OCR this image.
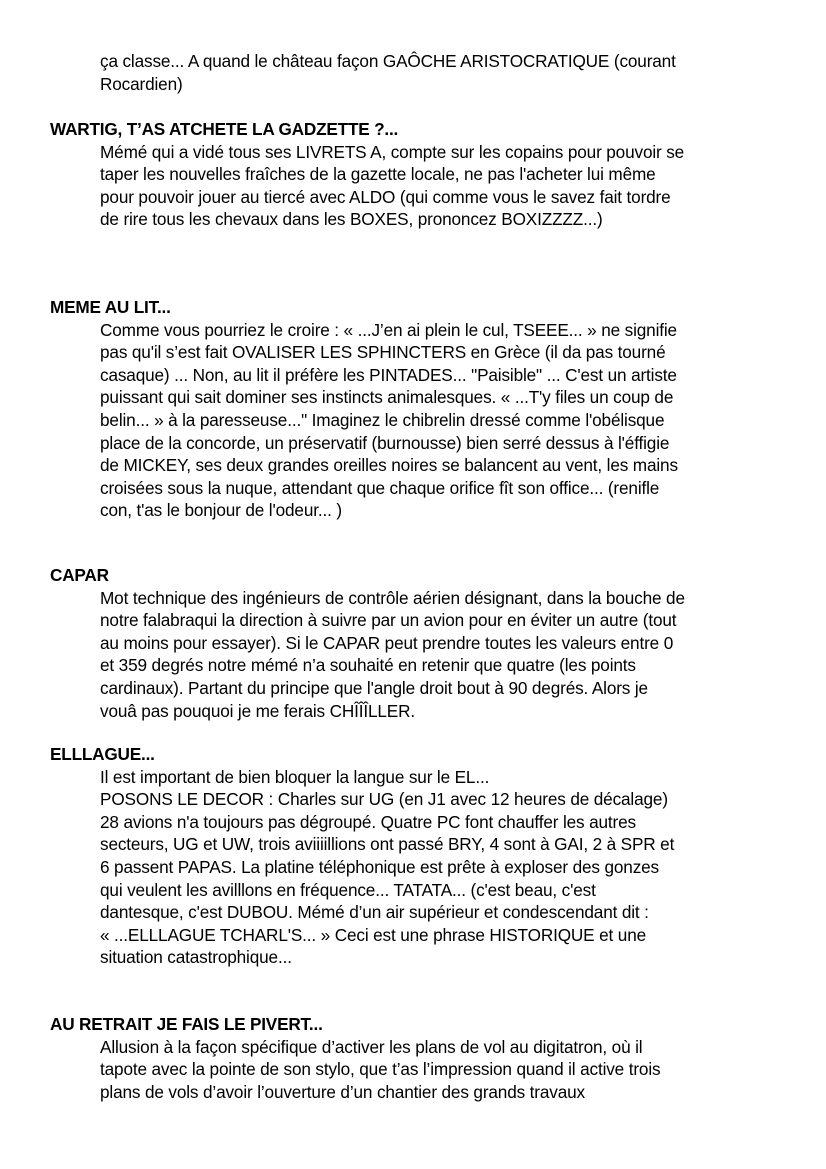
ça classe... A quand le château façon GAÔCHE ARISTOCRATIQUE (courant
Rocardien)

WARTIG, T’AS ATCHETE LA GADZETTE ?...

Mémé qui a vidé tous ses LIVRETS A, compte sur les copains pour pouvoir se
taper les nouvelles fraîches de la gazette locale, ne pas l'acheter lui même
pour pouvoir jouer au tiercé avec ALDO (qui comme vous le savez fait tordre
de rire tous les chevaux dans les BOXES, prononcez BOXIZZZZ...)

MEME AU LIT...

Comme vous pourriez le croire : « ...J’en ai plein le cul, TSEEE... » ne signifie
pas qu'il s’est fait OVALISER LES SPHINCTERS en Grèce (il da pas tourné
casaque) ... Non, au lit il préfère les PINTADES... "Paisible" ... C'est un artiste
puissant qui sait dominer ses instincts animalesques. « ...T'y files un coup de
belin... » à la paresseuse..." Imaginez le chibrelin dressé comme l'obélisque
place de la concorde, un préservatif (burnousse) bien serré dessus à l'éffigie
de MICKEY, ses deux grandes oreilles noires se balancent au vent, les mains
croisées sous la nuque, attendant que chaque orifice fît son office... (renifle
con, t'as le bonjour de l'odeur... )

CAPAR

Mot technique des ingénieurs de contrôle aérien désignant, dans la bouche de
notre falabraqui la direction à suivre par un avion pour en éviter un autre (tout
au moins pour essayer). Si le CAPAR peut prendre toutes les valeurs entre 0
et 359 degrés notre mémé n’a souhaité en retenir que quatre (les points
cardinaux). Partant du principe que l'angle droit bout à 90 degrés. Alors je
vouâ pas pouquoi je me ferais CHÎÎÎLLER.

ELLLAGUE...

Il est important de bien bloquer la langue sur le EL...
POSONS LE DECOR : Charles sur UG (en J1 avec 12 heures de décalage)
28 avions n'a toujours pas dégroupé. Quatre PC font chauffer les autres
secteurs, UG et UW, trois aviiiillions ont passé BRY, 4 sont à GAI, 2 à SPR et
6 passent PAPAS. La platine téléphonique est prête à exploser des gonzes
qui veulent les avilllons en fréquence... TATATA... (c'est beau, c'est
dantesque, c'est DUBOU. Mémé d’un air supérieur et condescendant dit :
« ...ELLLAGUE TCHARL'S... » Ceci est une phrase HISTORIQUE et une
situation catastrophique...

AU RETRAIT JE FAIS LE PIVERT...

Allusion à la façon spécifique d’activer les plans de vol au digitatron, où il
tapote avec la pointe de son stylo, que t’as l’impression quand il active trois
plans de vols d’avoir l’ouverture d’un chantier des grands travaux
